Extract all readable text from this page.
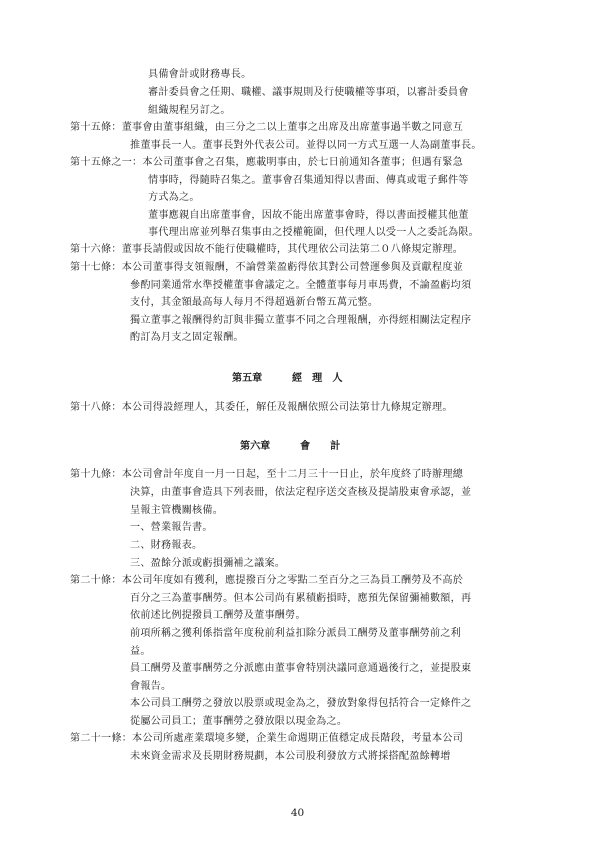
具備會計或財務專長。
審計委員會之任期、職權、議事規則及行使職權等事項，以審計委員會
組織規程另訂之。
第十五條：董事會由董事組織，由三分之二以上董事之出席及出席董事過半數之同意互
推董事長一人。董事長對外代表公司。並得以同一方式互選一人為副董事長。
第十五條之一：本公司董事會之召集，應載明事由，於七日前通知各董事；但遇有緊急
情事時，得隨時召集之。董事會召集通知得以書面、傳真或電子郵件等
方式為之。
董事應親自出席董事會，因故不能出席董事會時，得以書面授權其他董
事代理出席並列舉召集事由之授權範圍，但代理人以受一人之委託為限。
第十六條：董事長請假或因故不能行使職權時，其代理依公司法第二０八條規定辦理。
第十七條：本公司董事得支領報酬，不論營業盈虧得依其對公司營運參與及貢獻程度並
參酌同業通常水準授權董事會議定之。全體董事每月車馬費，不論盈虧均須
支付，其金額最高每人每月不得超過新台幣五萬元整。
獨立董事之報酬得約訂與非獨立董事不同之合理報酬，亦得經相關法定程序
酌訂為月支之固定報酬。
第五章	經　理　人
第十八條：本公司得設經理人，其委任，解任及報酬依照公司法第廿九條規定辦理。
第六章	會　　計
第十九條：本公司會計年度自一月一日起，至十二月三十一日止，於年度終了時辦理總
決算，由董事會造具下列表冊，依法定程序送交查核及提請股東會承認，並
呈報主管機關核備。
一、營業報告書。
二、財務報表。
三、盈餘分派或虧損彌補之議案。
第二十條：本公司年度如有獲利，應提撥百分之零點二至百分之三為員工酬勞及不高於
百分之三為董事酬勞。但本公司尚有累積虧損時，應預先保留彌補數額，再
依前述比例提撥員工酬勞及董事酬勞。
前項所稱之獲利係指當年度稅前利益扣除分派員工酬勞及董事酬勞前之利
益。
員工酬勞及董事酬勞之分派應由董事會特別決議同意通過後行之，並提股東
會報告。
本公司員工酬勞之發放以股票或現金為之，發放對象得包括符合一定條件之
從屬公司員工；董事酬勞之發放限以現金為之。
第二十一條：本公司所處產業環境多變，企業生命週期正值穩定成長階段，考量本公司
未來資金需求及長期財務規劃，本公司股利發放方式將採搭配盈餘轉增
40
